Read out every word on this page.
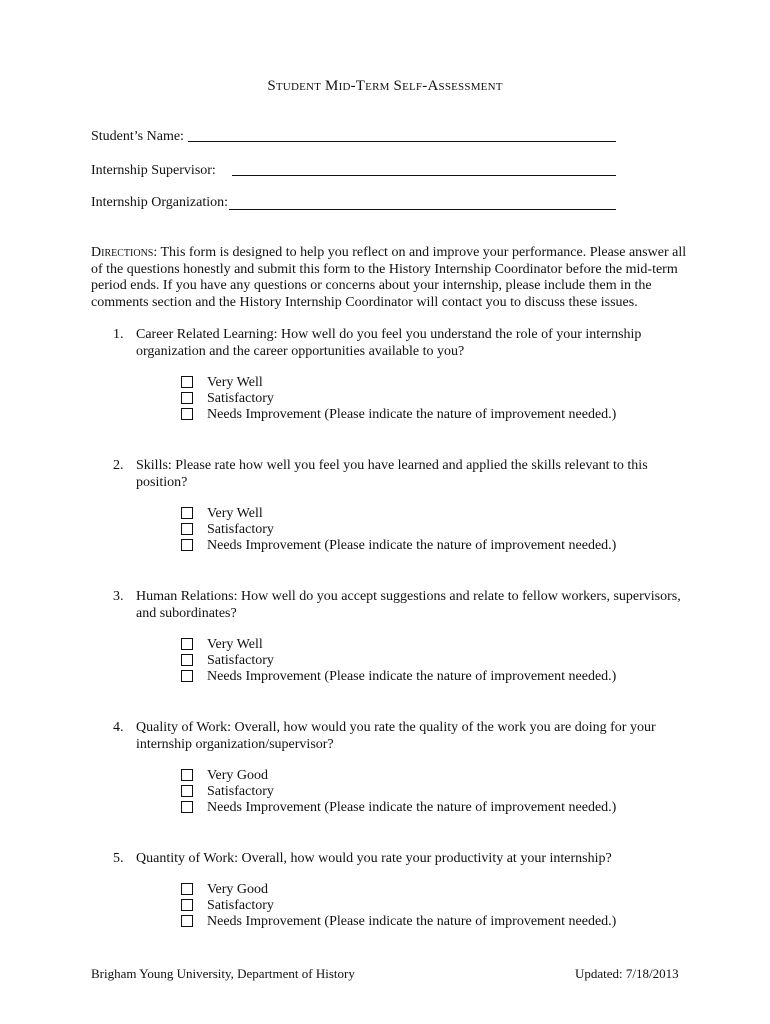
Student Mid-Term Self-Assessment
Student’s Name:
Internship Supervisor:
Internship Organization:
Directions: This form is designed to help you reflect on and improve your performance. Please answer all of the questions honestly and submit this form to the History Internship Coordinator before the mid-term period ends. If you have any questions or concerns about your internship, please include them in the comments section and the History Internship Coordinator will contact you to discuss these issues.
1. Career Related Learning: How well do you feel you understand the role of your internship organization and the career opportunities available to you?
Very Well
Satisfactory
Needs Improvement (Please indicate the nature of improvement needed.)
2. Skills: Please rate how well you feel you have learned and applied the skills relevant to this position?
Very Well
Satisfactory
Needs Improvement (Please indicate the nature of improvement needed.)
3. Human Relations: How well do you accept suggestions and relate to fellow workers, supervisors, and subordinates?
Very Well
Satisfactory
Needs Improvement (Please indicate the nature of improvement needed.)
4. Quality of Work: Overall, how would you rate the quality of the work you are doing for your internship organization/supervisor?
Very Good
Satisfactory
Needs Improvement (Please indicate the nature of improvement needed.)
5. Quantity of Work: Overall, how would you rate your productivity at your internship?
Very Good
Satisfactory
Needs Improvement (Please indicate the nature of improvement needed.)
Brigham Young University, Department of History	Updated: 7/18/2013
